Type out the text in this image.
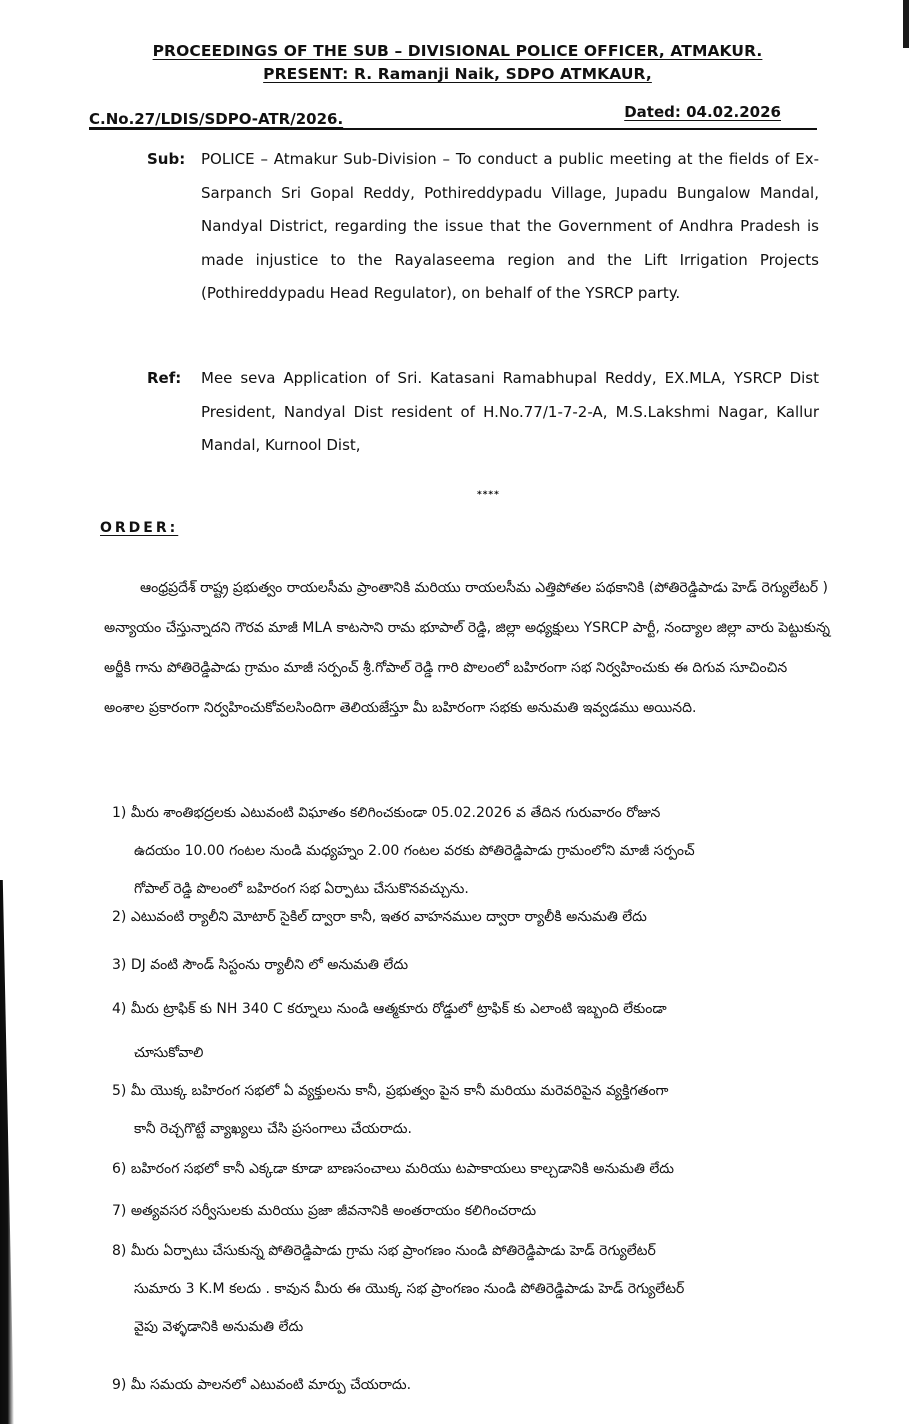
PROCEEDINGS OF THE SUB – DIVISIONAL POLICE OFFICER, ATMAKUR.
PRESENT: R. Ramanji Naik, SDPO ATMKAUR,
C.No.27/LDIS/SDPO-ATR/2026.	Dated: 04.02.2026
Sub: POLICE – Atmakur Sub-Division – To conduct a public meeting at the fields of Ex-Sarpanch Sri Gopal Reddy, Pothireddypadu Village, Jupadu Bungalow Mandal, Nandyal District, regarding the issue that the Government of Andhra Pradesh is made injustice to the Rayalaseema region and the Lift Irrigation Projects (Pothireddypadu Head Regulator), on behalf of the YSRCP party.
Ref: Mee seva Application of Sri. Katasani Ramabhupal Reddy, EX.MLA, YSRCP Dist President, Nandyal Dist resident of H.No.77/1-7-2-A, M.S.Lakshmi Nagar, Kallur Mandal, Kurnool Dist,
****
ORDER:
ఆంధ్రప్రదేశ్ రాష్ట్ర ప్రభుత్వం రాయలసీమ ప్రాంతానికి మరియు రాయలసీమ ఎత్తిపోతల పథకానికి (పోతిరెడ్డిపాడు హెడ్ రెగ్యులేటర్ ) అన్యాయం చేస్తున్నాదని గౌరవ మాజీ MLA కాటసాని రామ భూపాల్ రెడ్డి, జిల్లా అధ్యక్షులు YSRCP పార్టీ, నంద్యాల జిల్లా వారు పెట్టుకున్న అర్జీకి గాను పోతిరెడ్డిపాడు గ్రామం మాజీ సర్పంచ్ శ్రీ.గోపాల్ రెడ్డి గారి పొలంలో బహిరంగా సభ నిర్వహించుకు ఈ దిగువ సూచించిన అంశాల ప్రకారంగా నిర్వహించుకోవలసిందిగా తెలియజేస్తూ మీ బహిరంగా సభకు అనుమతి ఇవ్వడము అయినది.
1) మీరు శాంతిభద్రలకు ఎటువంటి విఘాతం కలిగించకుండా 05.02.2026 వ తేదిన గురువారం రోజున
ఉదయం 10.00 గంటల నుండి మధ్యహ్నం 2.00 గంటల వరకు పోతిరెడ్డిపాడు గ్రామంలోని మాజీ సర్పంచ్
గోపాల్ రెడ్డి పొలంలో బహిరంగ సభ ఏర్పాటు చేసుకొనవచ్చును.
2) ఎటువంటి ర్యాలీని మోటార్ సైకిల్ ద్వారా కానీ, ఇతర వాహనముల ద్వారా ర్యాలీకి అనుమతి లేదు
3) DJ వంటి సౌండ్ సిస్టంను ర్యాలీని లో అనుమతి లేదు
4) మీరు ట్రాఫిక్ కు NH 340 C కర్నూలు నుండి ఆత్మకూరు రోడ్డులో ట్రాఫిక్ కు ఎలాంటి ఇబ్బంది లేకుండా
చూసుకోవాలి
5) మీ యొక్క బహిరంగ సభలో ఏ వ్యక్తులను కానీ, ప్రభుత్వం పైన కానీ మరియు మరెవరిపైన వ్యక్తిగతంగా
కానీ రెచ్చగొట్టే వ్యాఖ్యలు చేసి ప్రసంగాలు చేయరాదు.
6) బహిరంగ సభలో కానీ ఎక్కడా కూడా బాణసంచాలు మరియు టపాకాయలు కాల్చడానికి అనుమతి లేదు
7) అత్యవసర సర్వీసులకు మరియు ప్రజా జీవనానికి అంతరాయం కలిగించరాదు
8) మీరు ఏర్పాటు చేసుకున్న పోతిరెడ్డిపాడు గ్రామ సభ ప్రాంగణం నుండి పోతిరెడ్డిపాడు హెడ్ రెగ్యులేటర్
సుమారు 3 K.M కలదు . కావున మీరు ఈ యొక్క సభ ప్రాంగణం నుండి పోతిరెడ్డిపాడు హెడ్ రెగ్యులేటర్
వైపు వెళ్ళడానికి అనుమతి లేదు
9) మీ సమయ పాలనలో ఎటువంటి మార్పు చేయరాదు.
